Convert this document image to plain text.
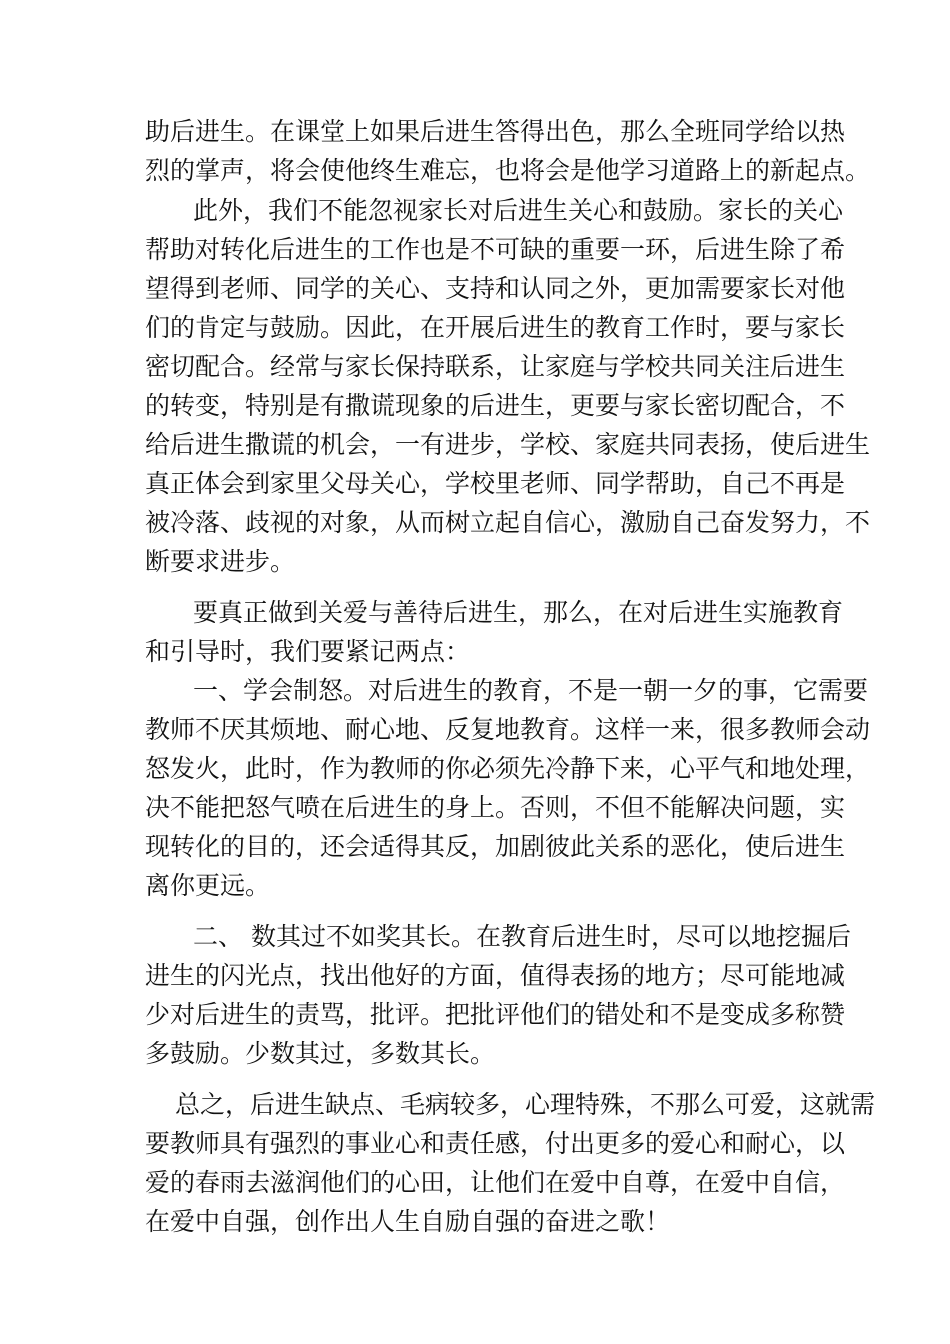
助后进生。在课堂上如果后进生答得出色，那么全班同学给以热
烈的掌声，将会使他终生难忘，也将会是他学习道路上的新起点。
此外，我们不能忽视家长对后进生关心和鼓励。家长的关心
帮助对转化后进生的工作也是不可缺的重要一环，后进生除了希
望得到老师、同学的关心、支持和认同之外，更加需要家长对他
们的肯定与鼓励。因此，在开展后进生的教育工作时，要与家长
密切配合。经常与家长保持联系，让家庭与学校共同关注后进生
的转变，特别是有撒谎现象的后进生，更要与家长密切配合，不
给后进生撒谎的机会，一有进步，学校、家庭共同表扬，使后进生
真正体会到家里父母关心，学校里老师、同学帮助，自己不再是
被冷落、歧视的对象，从而树立起自信心，激励自己奋发努力，不
断要求进步。
要真正做到关爱与善待后进生，那么，在对后进生实施教育
和引导时，我们要紧记两点：
一、学会制怒。对后进生的教育，不是一朝一夕的事，它需要
教师不厌其烦地、耐心地、反复地教育。这样一来，很多教师会动
怒发火，此时，作为教师的你必须先冷静下来，心平气和地处理，
决不能把怒气喷在后进生的身上。否则，不但不能解决问题，实
现转化的目的，还会适得其反，加剧彼此关系的恶化，使后进生
离你更远。
二、 数其过不如奖其长。在教育后进生时，尽可以地挖掘后
进生的闪光点，找出他好的方面，值得表扬的地方；尽可能地减
少对后进生的责骂，批评。把批评他们的错处和不是变成多称赞
多鼓励。少数其过，多数其长。
总之，后进生缺点、毛病较多，心理特殊，不那么可爱，这就需
要教师具有强烈的事业心和责任感，付出更多的爱心和耐心，以
爱的春雨去滋润他们的心田，让他们在爱中自尊，在爱中自信，
在爱中自强，创作出人生自励自强的奋进之歌！
